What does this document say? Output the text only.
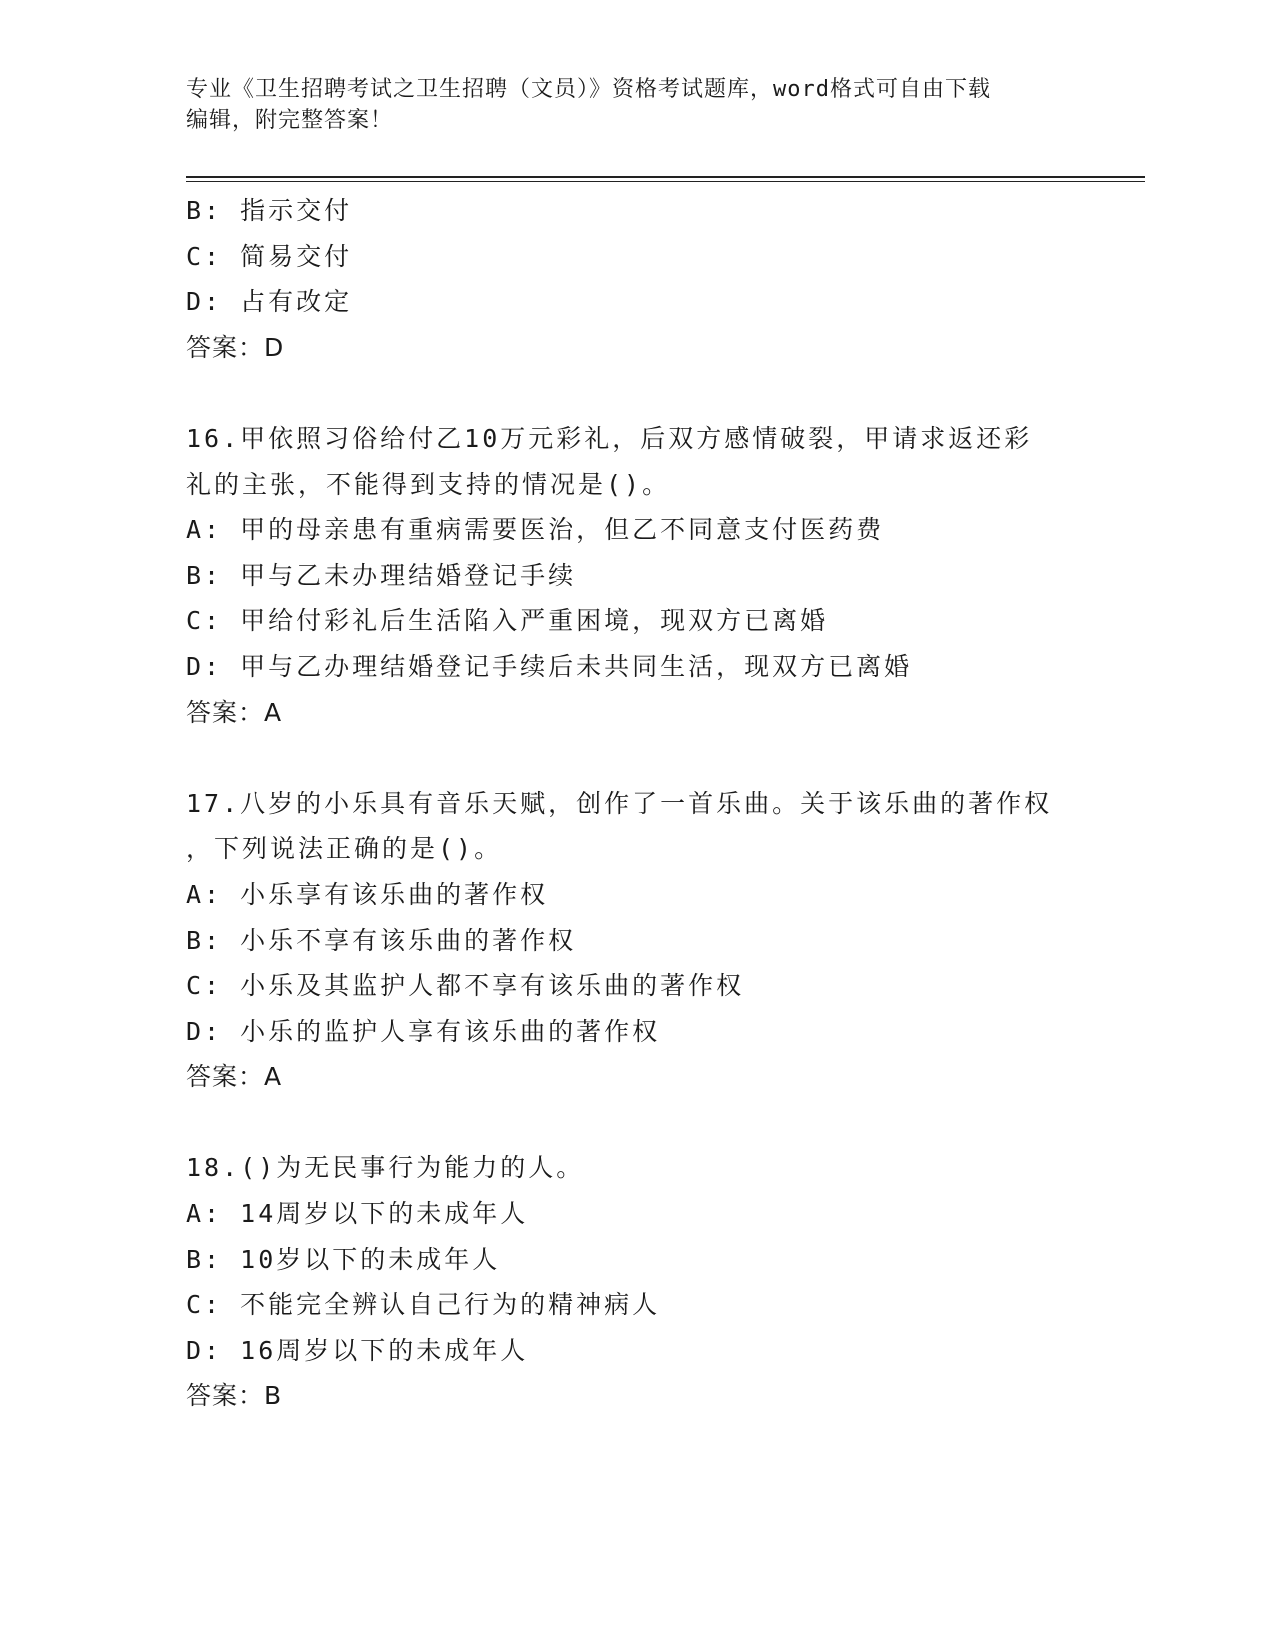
专业《卫生招聘考试之卫生招聘（文员）》资格考试题库，word格式可自由下载
编辑，附完整答案！
B: 指示交付
C: 简易交付
D: 占有改定
答案：D
16.甲依照习俗给付乙10万元彩礼，后双方感情破裂，甲请求返还彩
礼的主张，不能得到支持的情况是()。
A: 甲的母亲患有重病需要医治，但乙不同意支付医药费
B: 甲与乙未办理结婚登记手续
C: 甲给付彩礼后生活陷入严重困境，现双方已离婚
D: 甲与乙办理结婚登记手续后未共同生活，现双方已离婚
答案：A
17.八岁的小乐具有音乐天赋，创作了一首乐曲。关于该乐曲的著作权
，下列说法正确的是()。
A: 小乐享有该乐曲的著作权
B: 小乐不享有该乐曲的著作权
C: 小乐及其监护人都不享有该乐曲的著作权
D: 小乐的监护人享有该乐曲的著作权
答案：A
18.()为无民事行为能力的人。
A: 14周岁以下的未成年人
B: 10岁以下的未成年人
C: 不能完全辨认自己行为的精神病人
D: 16周岁以下的未成年人
答案：B
